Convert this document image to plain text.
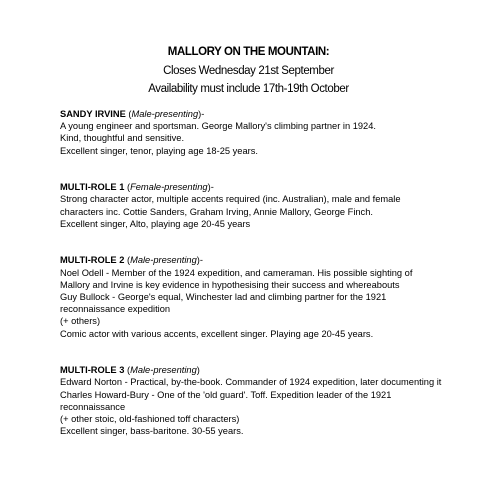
MALLORY ON THE MOUNTAIN:
Closes Wednesday 21st September
Availability must include 17th-19th October
SANDY IRVINE (Male-presenting)-
A young engineer and sportsman. George Mallory's climbing partner in 1924.
Kind, thoughtful and sensitive.
Excellent singer, tenor, playing age 18-25 years.
MULTI-ROLE 1 (Female-presenting)-
Strong character actor, multiple accents required (inc. Australian), male and female
characters inc. Cottie Sanders, Graham Irving, Annie Mallory, George Finch.
Excellent singer, Alto, playing age 20-45 years
MULTI-ROLE 2 (Male-presenting)-
Noel Odell - Member of the 1924 expedition, and cameraman. His possible sighting of
Mallory and Irvine is key evidence in hypothesising their success and whereabouts
Guy Bullock - George's equal, Winchester lad and climbing partner for the 1921
reconnaissance expedition
(+ others)
Comic actor with various accents, excellent singer. Playing age 20-45 years.
MULTI-ROLE 3 (Male-presenting)
Edward Norton - Practical, by-the-book. Commander of 1924 expedition, later documenting it
Charles Howard-Bury - One of the 'old guard'. Toff. Expedition leader of the 1921
reconnaissance
(+ other stoic, old-fashioned toff characters)
Excellent singer, bass-baritone. 30-55 years.
